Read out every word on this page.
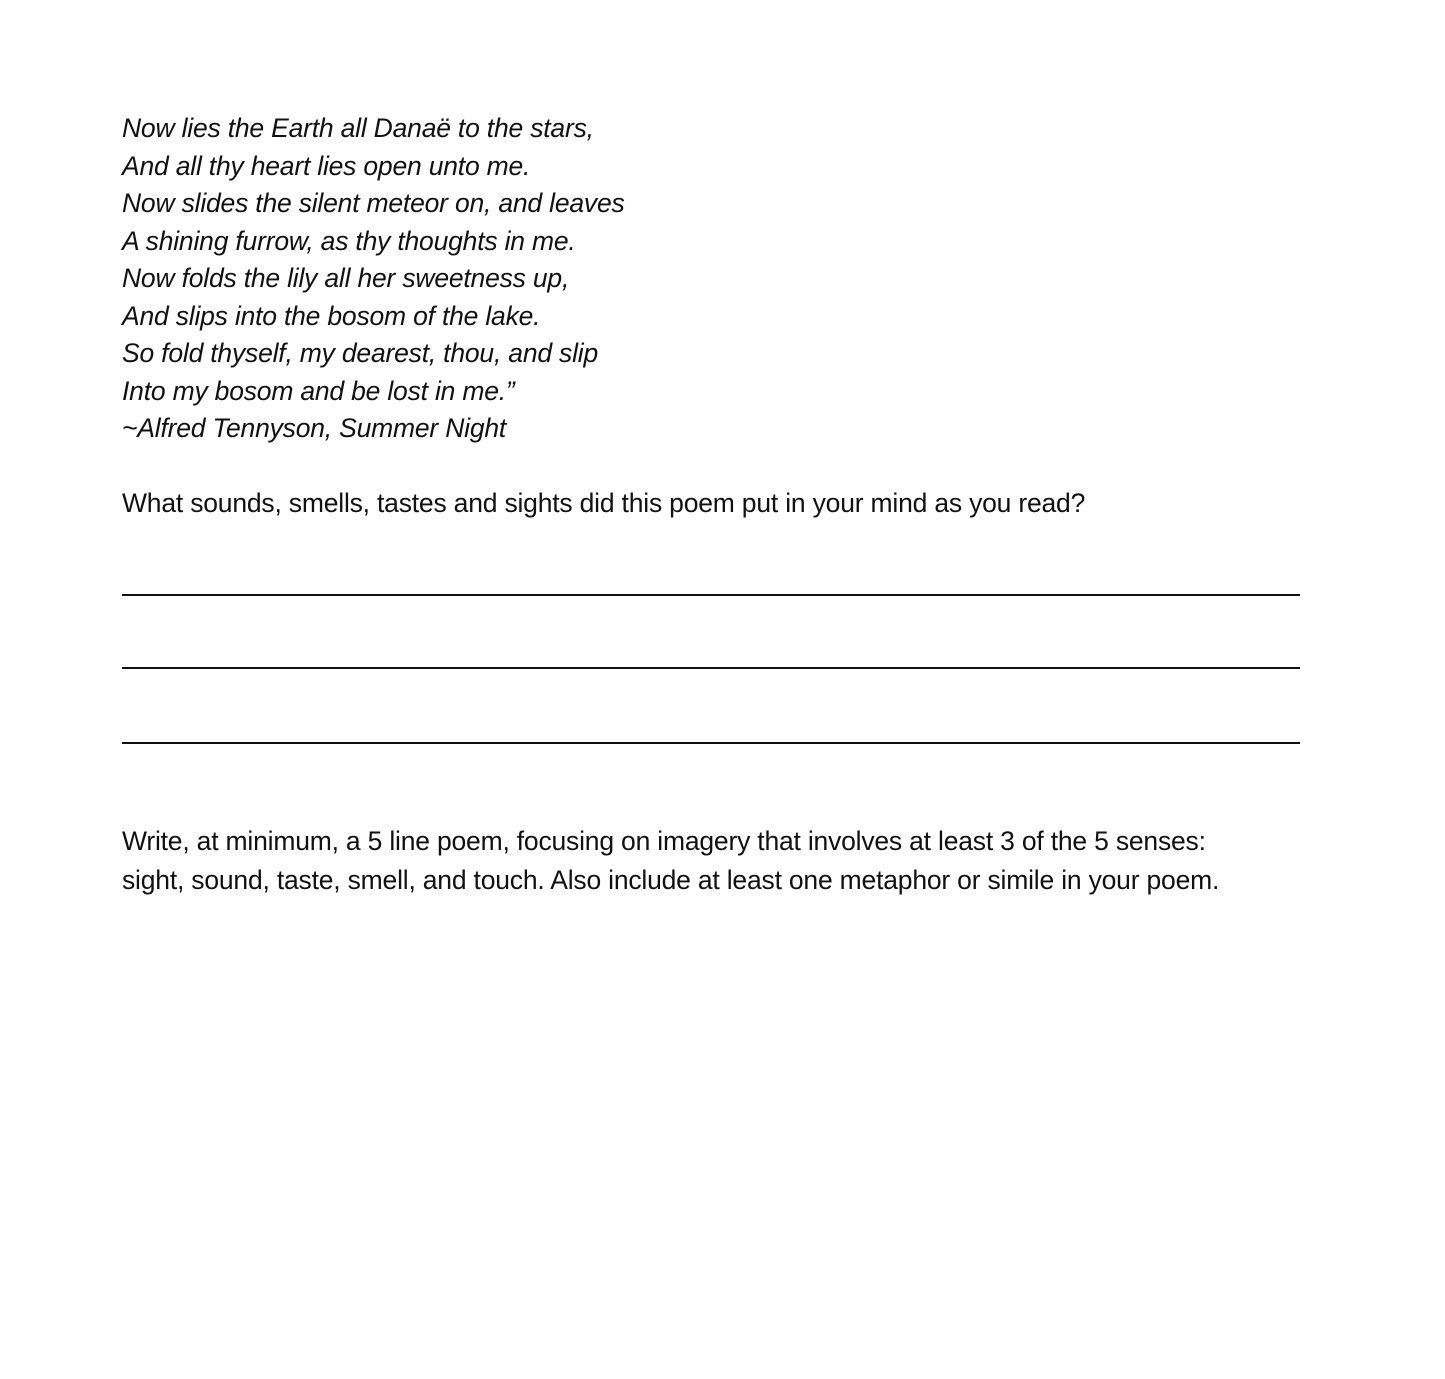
Now lies the Earth all Danaë to the stars,
And all thy heart lies open unto me.
Now slides the silent meteor on, and leaves
A shining furrow, as thy thoughts in me.
Now folds the lily all her sweetness up,
And slips into the bosom of the lake.
So fold thyself, my dearest, thou, and slip
Into my bosom and be lost in me.”
~Alfred Tennyson, Summer Night
What sounds, smells, tastes and sights did this poem put in your mind as you read?
Write, at minimum, a 5 line poem, focusing on imagery that involves at least 3 of the 5 senses:
sight, sound, taste, smell, and touch. Also include at least one metaphor or simile in your poem.
